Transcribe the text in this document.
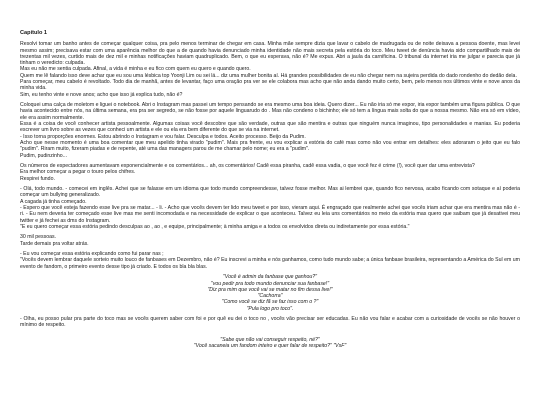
Capítulo 1

Resolvi tomar um banho antes de começar qualquer coisa, pra pelo menos terminar de chegar em casa. Minha mãe sempre dizia que lavar o cabelo de madrugada ou de noite deixava a pessoa doente, mas levei mesmo assim; precisava estar com uma aparência melhor do que a de quando havia denunciado minha identidade não mais secreta pela estória do toco. Meu tweet de denúncia havia sido compartilhado mais de trezentas mil vezes, curtido mais de dez mil e minhas notificações haviam quadruplicado. Bem, o que eu esperava, não é? Me expus. Abri a jaula da carnificina. O tribunal da internet iria me julgar e parecia que já tinham o veredicto: culpada.

Mas eu não me sentia culpada. Afinal, a vida é minha e eu fico com quem eu quero e quando quero.

Quem me lê falando isso deve achar que eu sou uma lésbica top Yoonji Lim ou sei lá... diz uma mulher bonita aí. Há grandes possibilidades de eu não chegar nem na sujeira perdida do dado rondenho do dedão dela.

Para começar, meu cabelo é revoltado. Todo dia de manhã, antes de levantar, faço uma oração pra ver se ele colabora mas acho que não anda dando muito certo, bem, pelo menos nos últimos vinte e nove anos da minha vida.

Sim, eu tenho vinte e nove anos; acho que isso já explica tudo, não é?

Coloquei uma calça de moletom e liguei o notebook. Abri o Instagram mas passei um tempo pensando se era mesmo uma boa ideia. Quero dizer... Eu não iria só me expor, iria expor também uma figura pública. O que havia acontecido entre nós, na última semana, era pra ser segredo, se não fosse por aquele linguarudo do . Mas não condeno o bichinho; ele só tem a língua mais solta do que a nossa mesmo. Não era só em vídeo, ele era assim normalmente.

Essa é a coisa de você conhecer artista pessoalmente. Algumas coisas você descobre que são verdade, outras que são mentira e outras que ninguém nunca imaginou, tipo personalidades e manias. Eu poderia escrever um livro sobre as vezes que conheci um artista e ele ou ela era bem diferente do que se via na internet.

- Isso torna proporções enormes. Estou abrindo o Instagram e vou falar. Desculpa e todos. Aceito processo. Beijo da Pudim.

Acho que nesse momento é uma boa comentar que meu apelido tinha virado "pudim". Mais pra frente, eu vou explicar a estória do café mas como não vou entrar em detalhes: eles adoraram o jeito que eu falo "pudim". Riram muito, fizeram piadas e de repente, até uma das managers parou de me chamar pelo nome; eu era a "pudim".

Pudim, pudinzinho...

Os números de espectadores aumentavam exponencialmente e os comentários... ah, os comentários! Cadê essa piranha, cadê essa vadia, o que você fez é crime (!), você quer dar uma entrevista?

Era melhor começar a pegar o touro pelos chifres.

Respirei fundo.

- Olá, todo mundo. - comecei em inglês. Achei que se falasse em um idioma que todo mundo compreendesse, talvez fosse melhor. Mas ai lembrei que, quando fico nervosa, acabo ficando com sotaque e aí poderia começar um bullying generalizado.

A cagada já tinha começado.

- Espero que você esteja fazendo esse live pra se matar... - li. - Acho que vocês devem ter lido meu tweet e por isso, vieram aqui. É engraçado que realmente achei que vocês iriam achar que era mentira mas não é - ri. - Eu nem deveria ter começado esse live mas me senti incomodada e na necessidade de explicar o que aconteceu. Talvez eu leia uns comentários no meio da estória mas quero que saibam que já desativei meu twitter e já fechei as dms do Instagram.

"E eu quero começar essa estória pedindo desculpas ao , ao , e equipe, principalmente; à minha amiga e a todos os envolvidos direta ou indiretamente por essa estória."

30 mil pessoas.

Tarde demais pra voltar atrás.

- Eu vou começar essa estória explicando como fui parar nas ;

"Vocês devem lembrar daquele sorteio muito louco de fanbases em Dezembro, não é? Eu inscrevi a minha e nós ganhamos, como tudo mundo sabe; a única fanbase brasileira, representando a América do Sul em um evento de fandom, o primeiro evento desse tipo já criado. E todos os bla bla blas.

"Você é admin da fanbase que ganhou?"

"vou pedir pra todo mundo denunciar sua fanbase!"

"Diz pra mim que você vai se matar no fim dessa live!"

"Cachorra"

"Como você se diz fã se faz isso com o ?"

"Pula logo pro toco".

- Olha, eu posso pular pra parte do toco mas se vocês querem saber com foi e por quê eu dei o toco no , vocês vão precisar ser educadas. Eu não vou falar e acabar com a curiosidade de vocês se não houver o mínimo de respeito.

"Sabe que não vai conseguir respeito, né?"

"Você sacaneia um fandom inteiro e quer falar de respeito?" "VsF"
